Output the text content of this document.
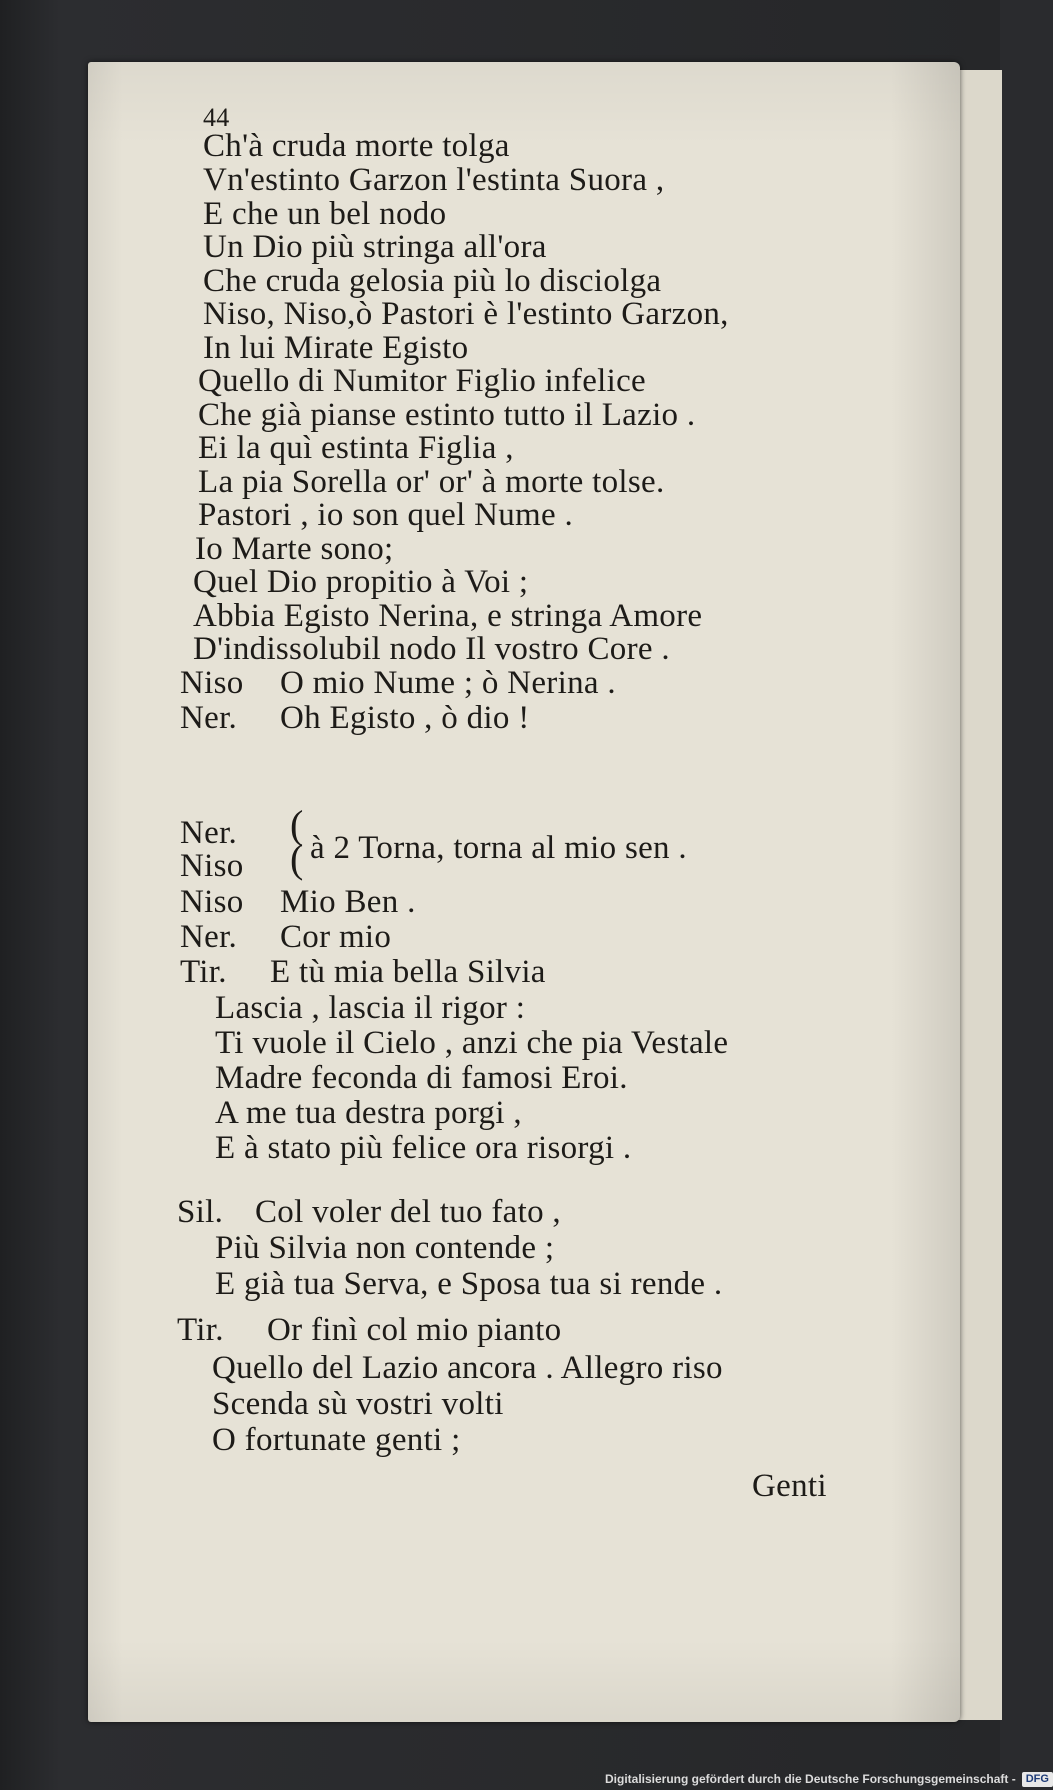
44
Ch'à cruda morte tolga
Vn'estinto Garzon l'estinta Suora ,
E che un bel nodo
Un Dio più stringa all'ora
Che cruda gelosia più lo disciolga
Niso, Niso,ò Pastori è l'estinto Garzon,
In lui Mirate Egisto
Quello di Numitor Figlio infelice
Che già pianse estinto tutto il Lazio .
Ei la quì estinta Figlia ,
La pia Sorella or' or' à morte tolse.
Pastori , io son quel Nume .
Io Marte sono;
Quel Dio propitio à Voi ;
Abbia Egisto Nerina, e stringa Amore
D'indissolubil nodo Il vostro Core .
Niso O mio Nume ; ò Nerina .
Ner. Oh Egisto , ò dio !
Ner.
Niso
(
( à 2 Torna, torna al mio sen .
Niso Mio Ben .
Ner. Cor mio
Tir. E tù mia bella Silvia
Lascia , lascia il rigor :
Ti vuole il Cielo , anzi che pia Vestale
Madre feconda di famosi Eroi.
A me tua destra porgi ,
E à stato più felice ora risorgi .
Sil. Col voler del tuo fato ,
Più Silvia non contende ;
E già tua Serva, e Sposa tua si rende .
Tir. Or finì col mio pianto
Quello del Lazio ancora . Allegro riso
Scenda sù vostri volti
O fortunate genti ;
Genti
Digitalisierung gefördert durch die Deutsche Forschungsgemeinschaft - DFG
